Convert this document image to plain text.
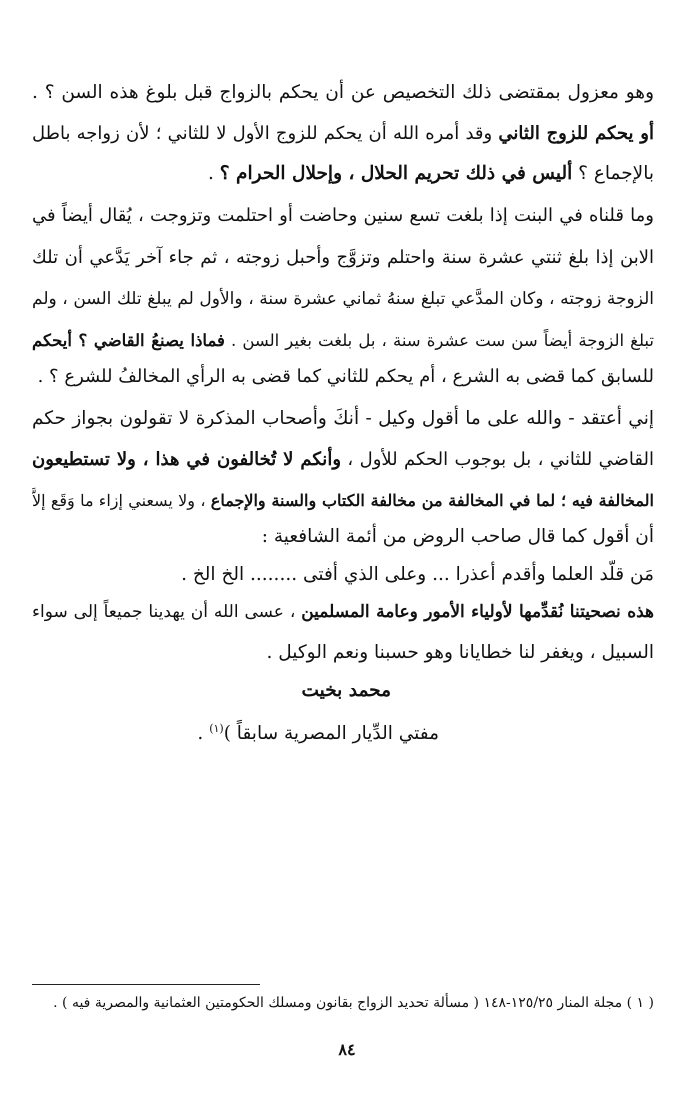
وهو معزول بمقتضى ذلك التخصيص عن أن يحكم بالزواج قبل بلوغ هذه السن ؟ .
أو يحكم للزوج الثاني وقد أمره الله أن يحكم للزوج الأول لا للثاني ؛ لأن زواجه باطل
بالإجماع ؟ أليس في ذلك تحريم الحلال ، وإحلال الحرام ؟ .
وما قلناه في البنت إذا بلغت تسع سنين وحاضت أو احتلمت وتزوجت ، يُقال أيضاً في
الابن إذا بلغ ثنتي عشرة سنة واحتلم وتزوَّج وأحبل زوجته ، ثم جاء آخر يَدَّعي أن تلك
الزوجة زوجته ، وكان المدَّعي تبلغ سنهُ ثماني عشرة سنة ، والأول لم يبلغ تلك السن ، ولم
تبلغ الزوجة أيضاً سن ست عشرة سنة ، بل بلغت بغير السن . فماذا يصنعُ القاضي ؟ أيحكم
للسابق كما قضى به الشرع ، أم يحكم للثاني كما قضى به الرأي المخالفُ للشرع ؟ .
إني أعتقد - والله على ما أقول وكيل - أنكَ وأصحاب المذكرة لا تقولون بجواز حكم
القاضي للثاني ، بل بوجوب الحكم للأول ، وأنكم لا تُخالفون في هذا ، ولا تستطيعون
المخالفة فيه ؛ لما في المخالفة من مخالفة الكتاب والسنة والإجماع ، ولا يسعني إزاء ما وَقَع إلاَّ
أن أقول كما قال صاحب الروض من أئمة الشافعية :
مَن قلَّد العلما وأقدم أعذرا ... وعلى الذي أفتى ........ الخ الخ .
هذه نصحيتنا نُقدِّمها لأولياء الأمور وعامة المسلمين ، عسى الله أن يهدينا جميعاً إلى سواء
السبيل ، ويغفر لنا خطايانا وهو حسبنا ونعم الوكيل .
محمد بخيت
مفتي الدِّيار المصرية سابقاً )$^{(١)}$ .
( ١ ) مجلة المنار ١٢٥/٢٥-١٤٨ ( مسألة تحديد الزواج بقانون ومسلك الحكومتين العثمانية والمصرية فيه ) .
٨٤
